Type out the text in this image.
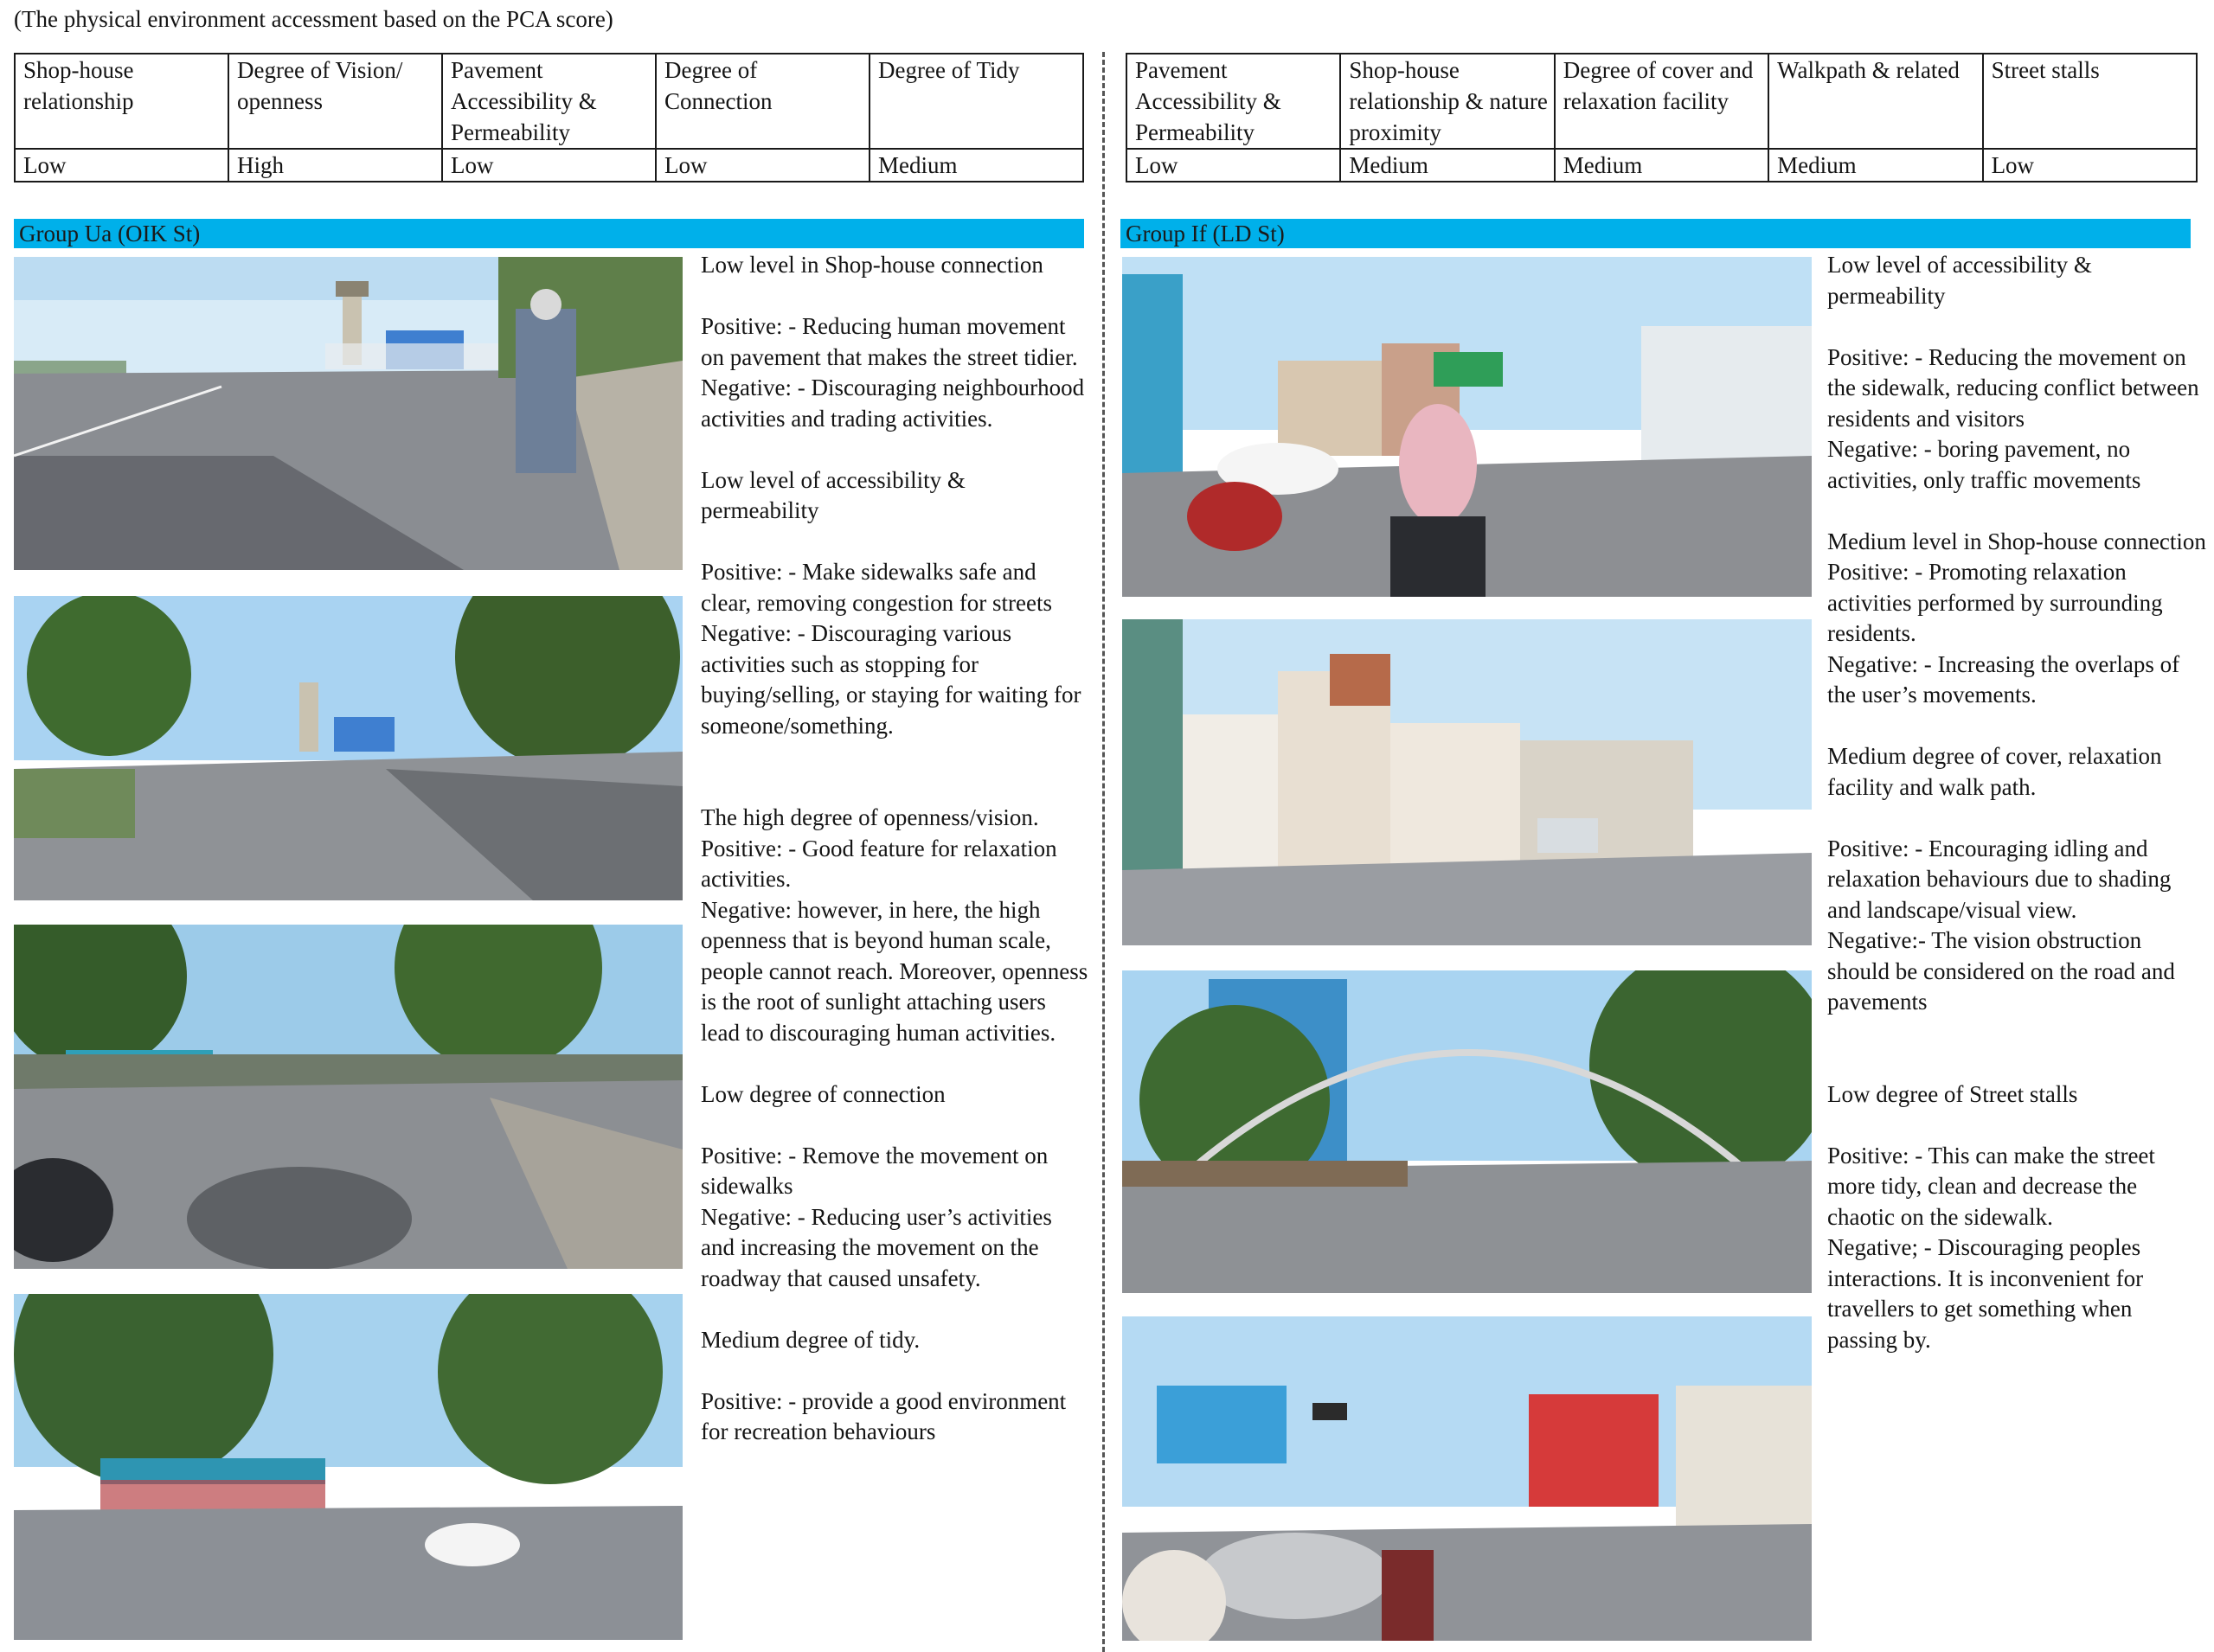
(The physical environment accessment based on the PCA score)
Shop-house relationship	Degree of Vision/ openness	Pavement Accessibility & Permeability	Degree of Connection	Degree of Tidy
Low	High	Low	Low	Medium
Pavement Accessibility & Permeability	Shop-house relationship & nature proximity	Degree of cover and relaxation facility	Walkpath & related	Street stalls
Low	Medium	Medium	Medium	Low
Group Ua (OIK St)	Group If (LD St)

Low level in Shop-house connection

Positive: - Reducing human movement on pavement that makes the street tidier.

Negative: - Discouraging neighbourhood activities and trading activities.

Low level of accessibility & permeability

Positive: - Make sidewalks safe and clear, removing congestion for streets

Negative: - Discouraging various activities such as stopping for buying/selling, or staying for waiting for someone/something.

The high degree of openness/vision.

Positive: - Good feature for relaxation activities.

Negative: however, in here, the high openness that is beyond human scale, people cannot reach. Moreover, openness is the root of sunlight attaching users lead to discouraging human activities.

Low degree of connection

Positive: - Remove the movement on sidewalks

Negative: - Reducing user’s activities and increasing the movement on the roadway that caused unsafety.

Medium degree of tidy.

Positive: - provide a good environment for recreation behaviours

Low level of accessibility & permeability

Positive: - Reducing the movement on the sidewalk, reducing conflict between residents and visitors

Negative: - boring pavement, no activities, only traffic movements

Medium level in Shop-house connection

Positive: - Promoting relaxation activities performed by surrounding residents.

Negative: - Increasing the overlaps of the user’s movements.

Medium degree of cover, relaxation facility and walk path.

Positive: - Encouraging idling and relaxation behaviours due to shading and landscape/visual view.

Negative:- The vision obstruction should be considered on the road and pavements

Low degree of Street stalls

Positive: - This can make the street more tidy, clean and decrease the chaotic on the sidewalk.

Negative; - Discouraging peoples interactions. It is inconvenient for travellers to get something when passing by.
